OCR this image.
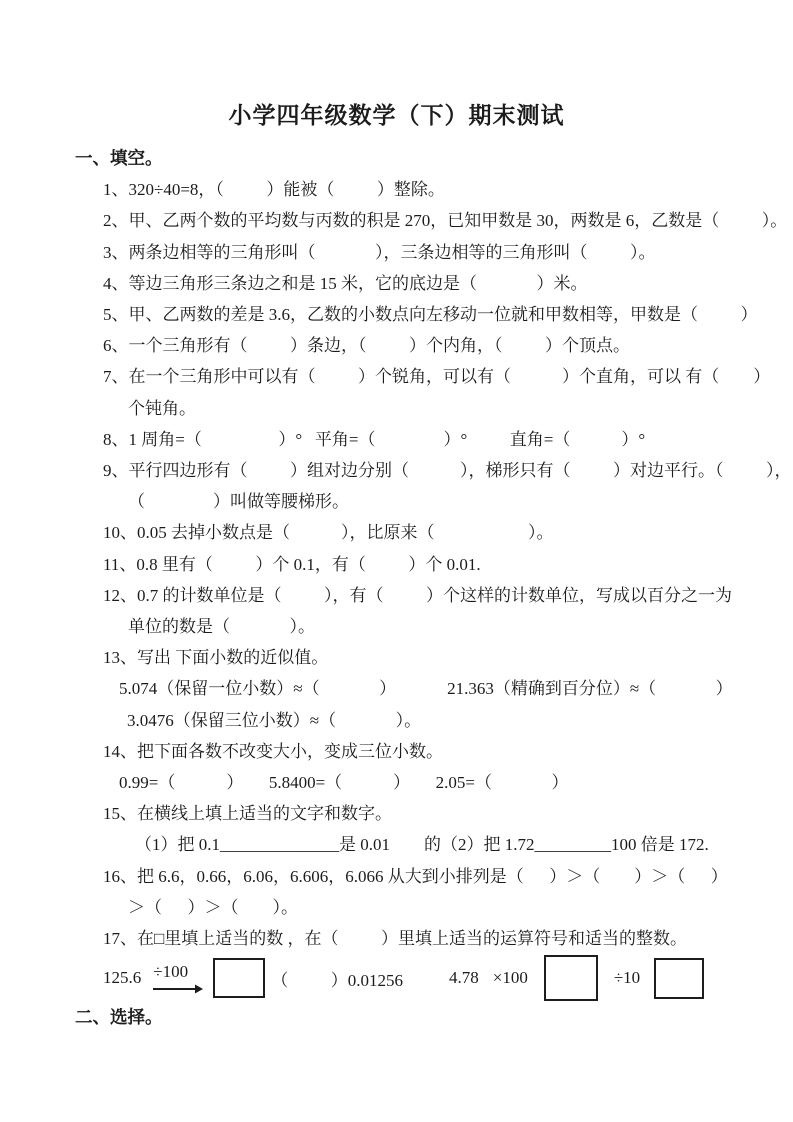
小学四年级数学（下）期末测试
一、填空。
1、320÷40=8，（          ）能被（          ）整除。
2、甲、乙两个数的平均数与丙数的积是 270，已知甲数是 30，两数是 6，乙数是（          ）。
3、两条边相等的三角形叫（              ），三条边相等的三角形叫（          ）。
4、等边三角形三条边之和是 15 米，它的底边是（              ）米。
5、甲、乙两数的差是 3.6，乙数的小数点向左移动一位就和甲数相等，甲数是（          ）
6、一个三角形有（          ）条边，（          ）个内角，（          ）个顶点。
7、在一个三角形中可以有（          ）个锐角，可以有（            ）个直角，可以 有（        ）
个钝角。
8、1 周角=（                  ）°   平角=（                ）°          直角=（            ）°
9、平行四边形有（          ）组对边分别（            ），梯形只有（          ）对边平行。（          ），
（                ）叫做等腰梯形。
10、0.05 去掉小数点是（            ），比原来（                      ）。
11、0.8 里有（          ）个 0.1，有（          ）个 0.01.
12、0.7 的计数单位是（          ），有（          ）个这样的计数单位，写成以百分之一为
单位的数是（              ）。
13、写出 下面小数的近似值。
5.074（保留一位小数）≈（              ）            21.363（精确到百分位）≈（              ）
3.0476（保留三位小数）≈（              ）。
14、把下面各数不改变大小，变成三位小数。
0.99=（            ）      5.8400=（            ）      2.05=（              ）
15、在横线上填上适当的文字和数字。
（1）把 0.1______________是 0.01        的（2）把 1.72_________100 倍是 172.
16、把 6.6，0.66，6.06，6.606，6.066 从大到小排列是（      ）＞（        ）＞（      ）
＞（      ）＞（        ）。
17、在□里填上适当的数 ，在（          ）里填上适当的运算符号和适当的整数。
125.6 ÷100	（          ）0.01256	4.78 ×100	÷10
二、选择。
